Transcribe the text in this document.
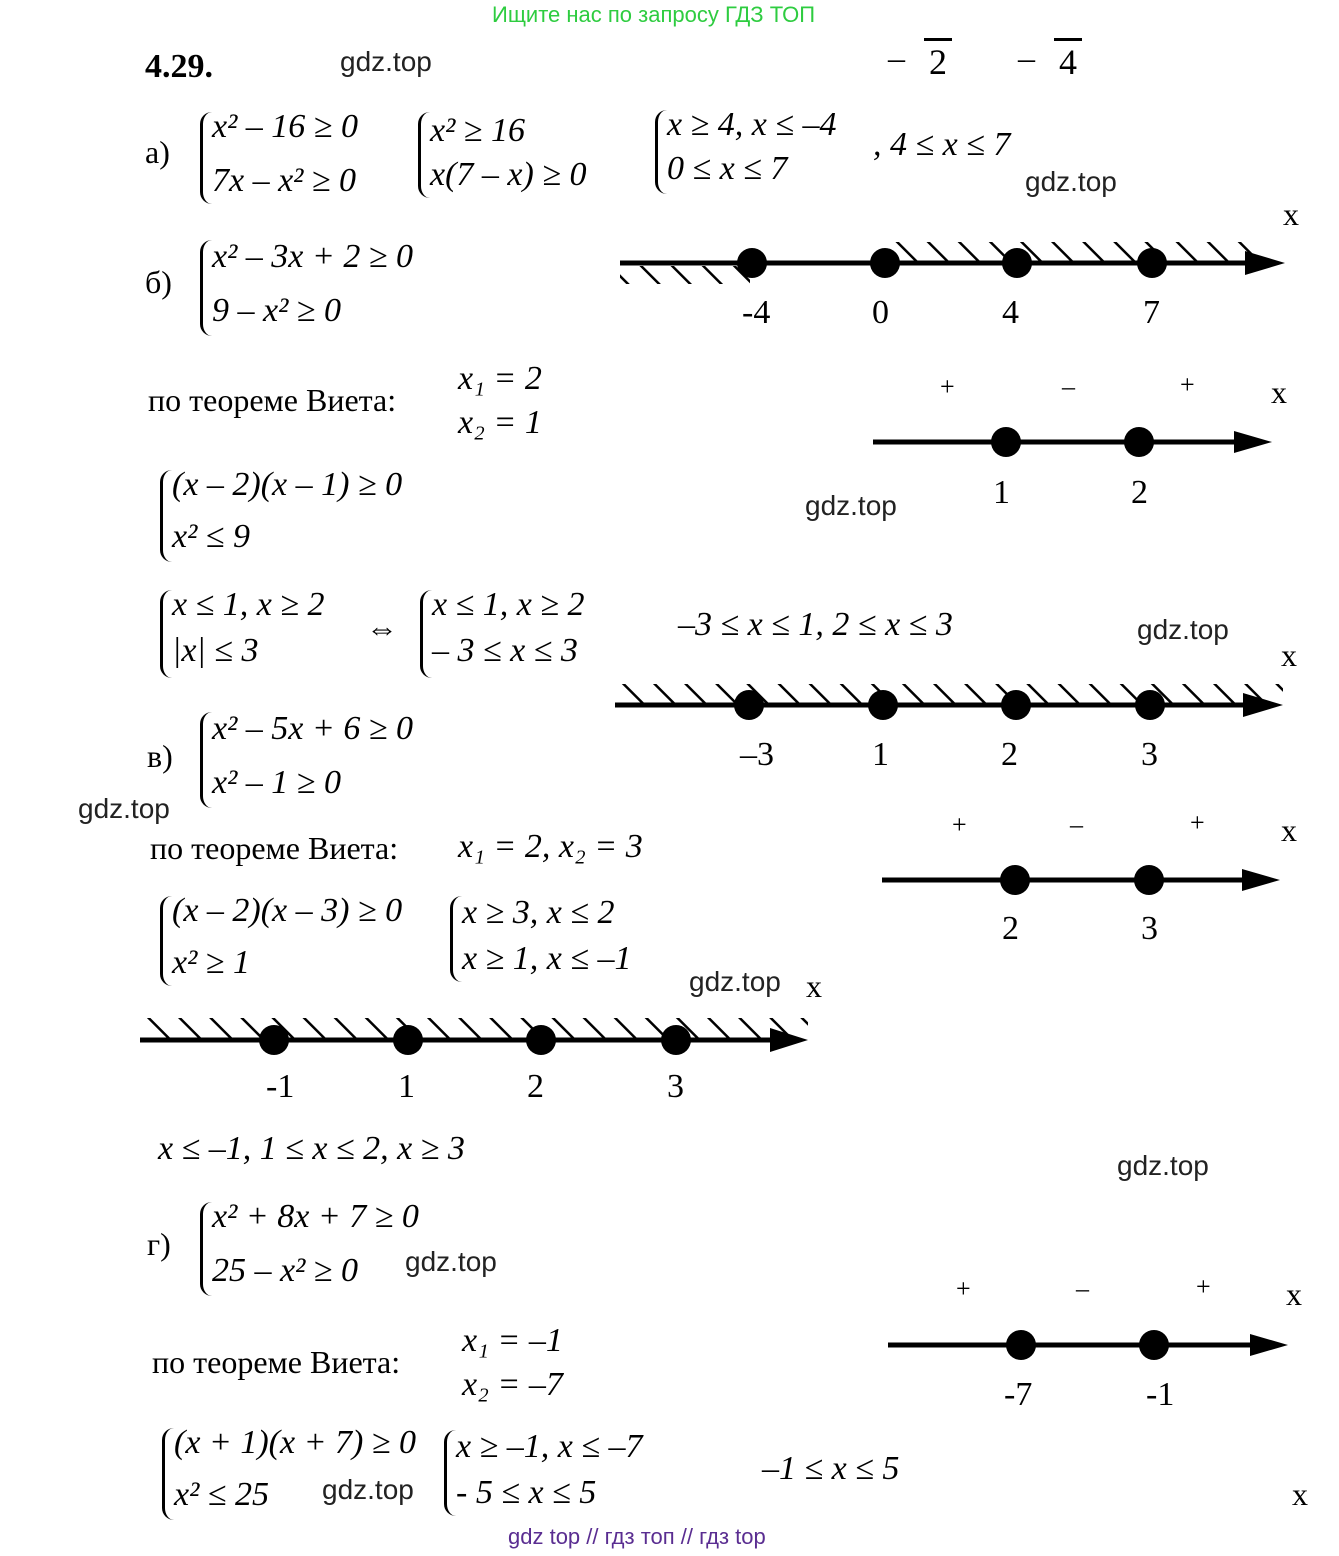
Ищите нас по запросу ГДЗ ТОП
gdz top // гдз топ // гдз top
gdz.top
gdz.top
gdz.top
gdz.top
gdz.top
gdz.top
gdz.top
gdz.top
gdz.top
4.29.	– 2 – 4
а)
x² – 16 ≥ 0
7x – x² ≥ 0
x² ≥ 16
x(7 – x) ≥ 0
x ≥ 4, x ≤ –4
0 ≤ x ≤ 7
, 4 ≤ x ≤ 7
x
-4	0	4	7
б)
x² – 3x + 2 ≥ 0
9 – x² ≥ 0
по теореме Виета:
x₁ = 2
x₂ = 1
+	–	+ x
1	2
(x – 2)(x – 1) ≥ 0
x² ≤ 9
x ≤ 1, x ≥ 2
|x| ≤ 3
⇔
x ≤ 1, x ≥ 2
– 3 ≤ x ≤ 3
–3 ≤ x ≤ 1, 2 ≤ x ≤ 3
x
–3	1	2	3
в)
x² – 5x + 6 ≥ 0
x² – 1 ≥ 0
по теореме Виета: x₁ = 2, x₂ = 3
+	–	+ x
2	3
(x – 2)(x – 3) ≥ 0
x² ≥ 1
x ≥ 3, x ≤ 2
x ≥ 1, x ≤ –1
x
-1	1	2	3
x ≤ –1, 1 ≤ x ≤ 2, x ≥ 3
г)
x² + 8x + 7 ≥ 0
25 – x² ≥ 0	+	–	+ x
-7	-1
по теореме Виета:
x₁ = –1
x₂ = –7
(x + 1)(x + 7) ≥ 0
x² ≤ 25
x ≥ –1, x ≤ –7
- 5 ≤ x ≤ 5
–1 ≤ x ≤ 5
x
